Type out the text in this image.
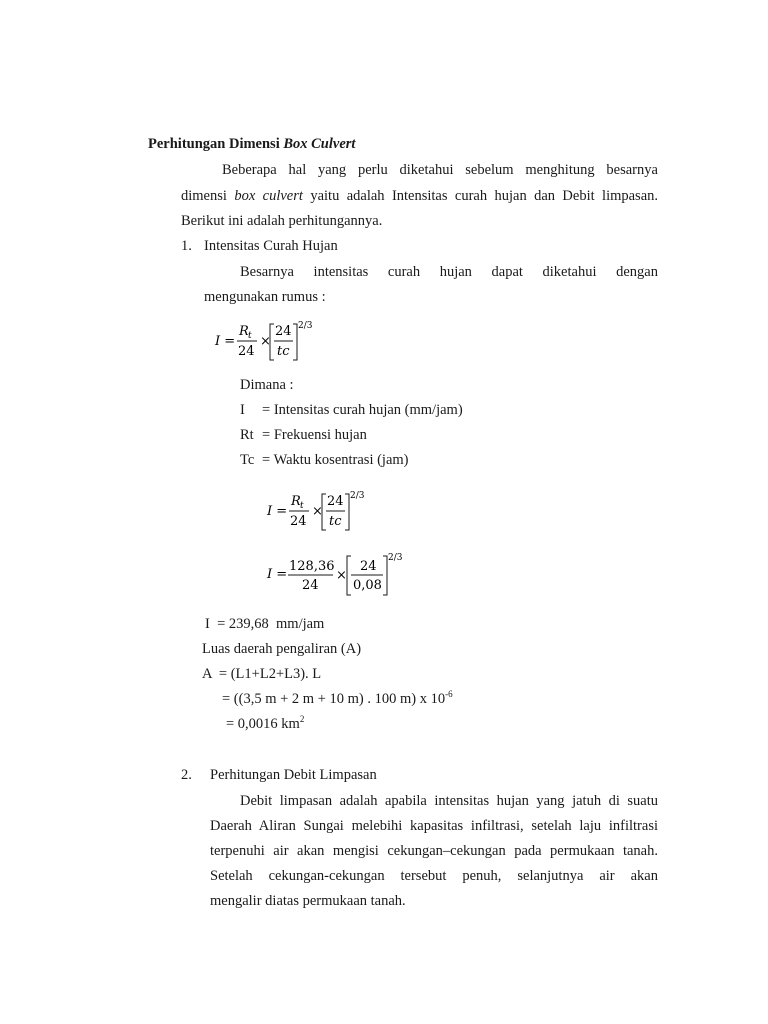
Perhitungan Dimensi Box Culvert
Beberapa hal yang perlu diketahui sebelum menghitung besarnya
dimensi box culvert yaitu adalah Intensitas curah hujan dan Debit limpasan.
Berikut ini adalah perhitungannya.
1. Intensitas Curah Hujan
Besarnya intensitas curah hujan dapat diketahui dengan
mengunakan rumus :
I =
R t
24
×
24
tc
2/3
Dimana :
I = Intensitas curah hujan (mm/jam)
Rt = Frekuensi hujan
Tc = Waktu kosentrasi (jam)
I =
R t
24
×
24
tc
2/3
I =
128,36
24
×
24
0,08
2/3
I  = 239,68  mm/jam
Luas daerah pengaliran (A)
A  = (L1+L2+L3). L
= ((3,5 m + 2 m + 10 m) . 100 m) x $10^{-6}$
= 0,0016 $km^2$
2. Perhitungan Debit Limpasan
Debit limpasan adalah apabila intensitas hujan yang jatuh di suatu
Daerah Aliran Sungai melebihi kapasitas infiltrasi, setelah laju infiltrasi
terpenuhi air akan mengisi cekungan–cekungan pada permukaan tanah.
Setelah cekungan-cekungan tersebut penuh, selanjutnya air akan
mengalir diatas permukaan tanah.
